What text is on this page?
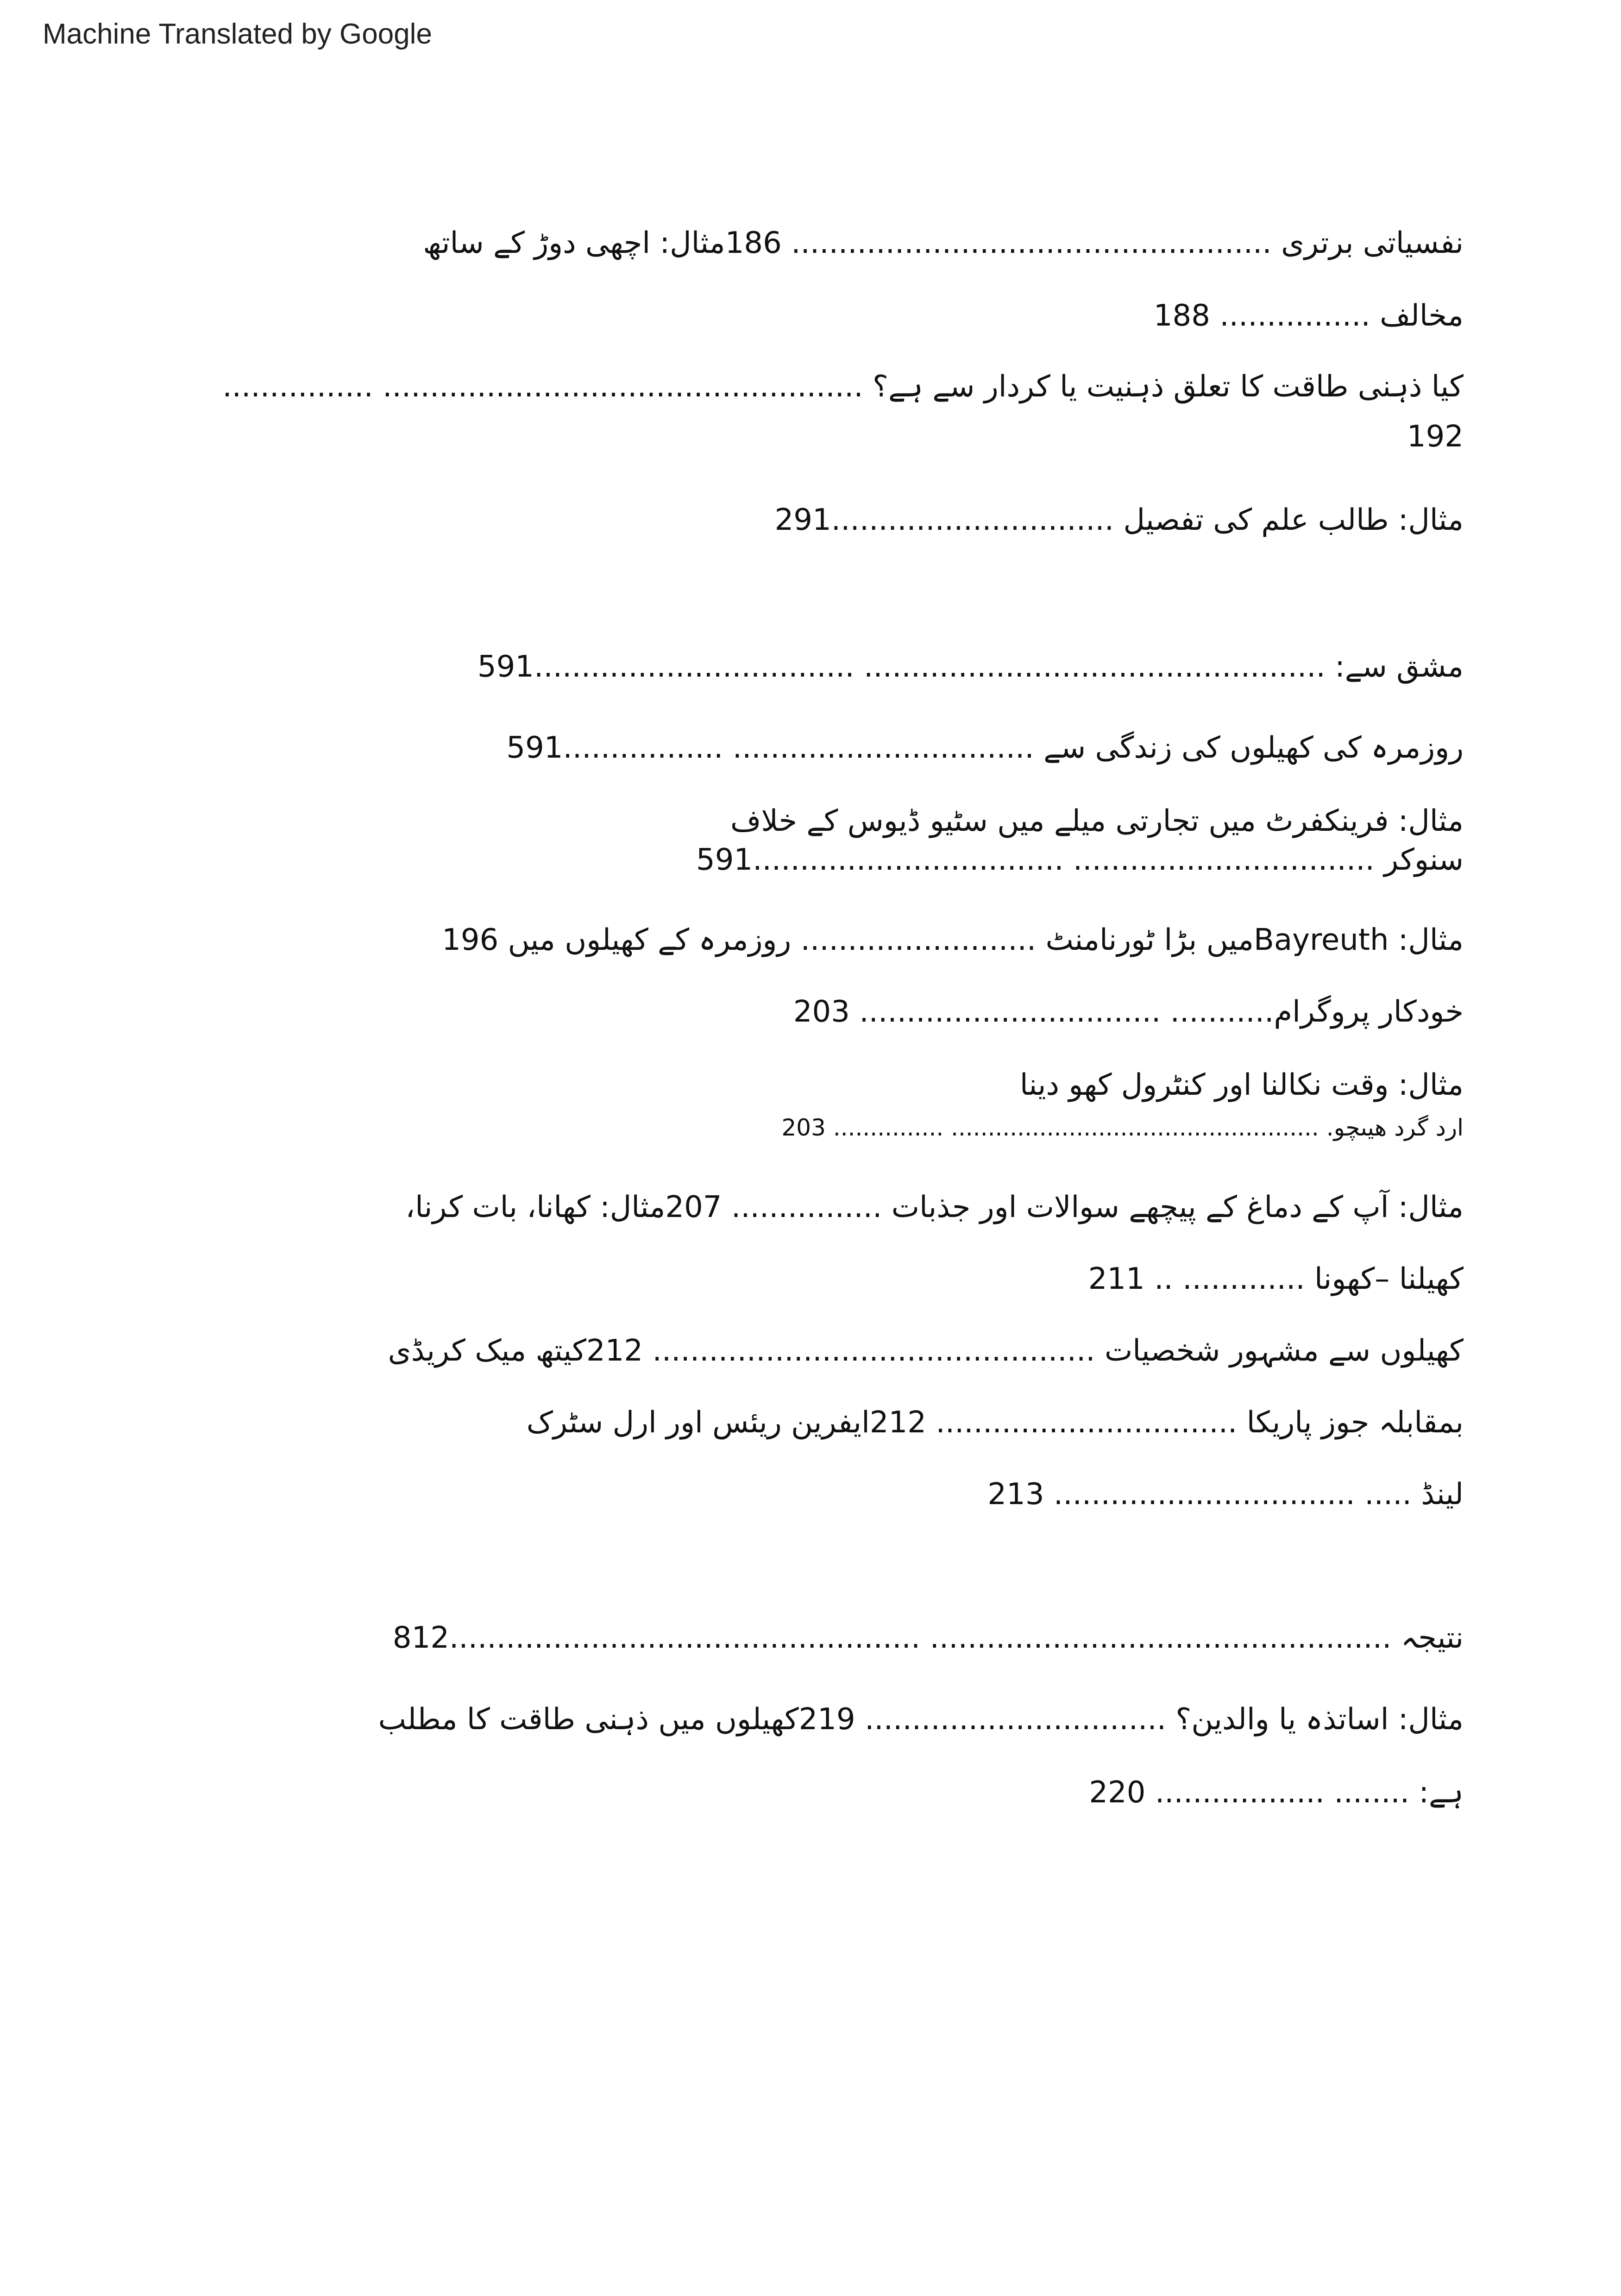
Machine Translated by Google
نفسیاتی برتری ................................................... 186مثال: اچھی دوڑ کے ساتھ
مخالف ................ 188
کیا ذہنی طاقت کا تعلق ذہنیت یا کردار سے ہے؟ ................................................... ................
192
مثال: طالب علم کی تفصیل ..............................291
مشق سے: ................................................. ..................................591
روزمرہ کی کھیلوں کی زندگی سے ................................ .................591
مثال: فرینکفرٹ میں تجارتی میلے میں سٹیو ڈیوس کے خلاف
سنوکر ................................ .................................591
مثال: Bayreuthمیں بڑا ٹورنامنٹ ......................... روزمرہ کے کھیلوں میں 196
خودکار پروگرام........... ................................ 203
مثال: وقت نکالنا اور کنٹرول کھو دینا
ارد گرد ھیںچو. .................................................. ............... 203
مثال: آپ کے دماغ کے پیچھے سوالات اور جذبات ................ 207مثال: کھانا، بات کرنا،
کھیلنا –کھونا ............. .. 211
کھیلوں سے مشہور شخصیات ............................................... 212کیتھ میک کریڈی
بمقابلہ جوز پاریکا ................................ 212ایفرین ریئس اور ارل سٹرک
لینڈ ..... ................................ 213
نتیجہ ................................................. ..................................................812
مثال: اساتذہ یا والدین؟ ................................ 219کھیلوں میں ذہنی طاقت کا مطلب
ہے: ........ .................. 220
